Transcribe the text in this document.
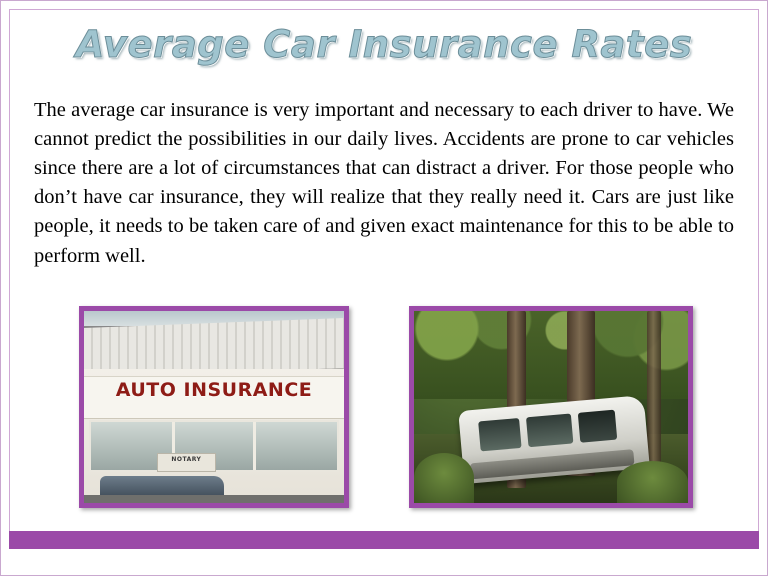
Average Car Insurance Rates
The average car insurance is very important and necessary to each driver to have. We cannot predict the possibilities in our daily lives. Accidents are prone to car vehicles since there are a lot of circumstances that can distract a driver. For those people who don’t have car insurance, they will realize that they really need it. Cars are just like people, it needs to be taken care of and given exact maintenance for this to be able to perform well.
AUTO INSURANCE
NOTARY
